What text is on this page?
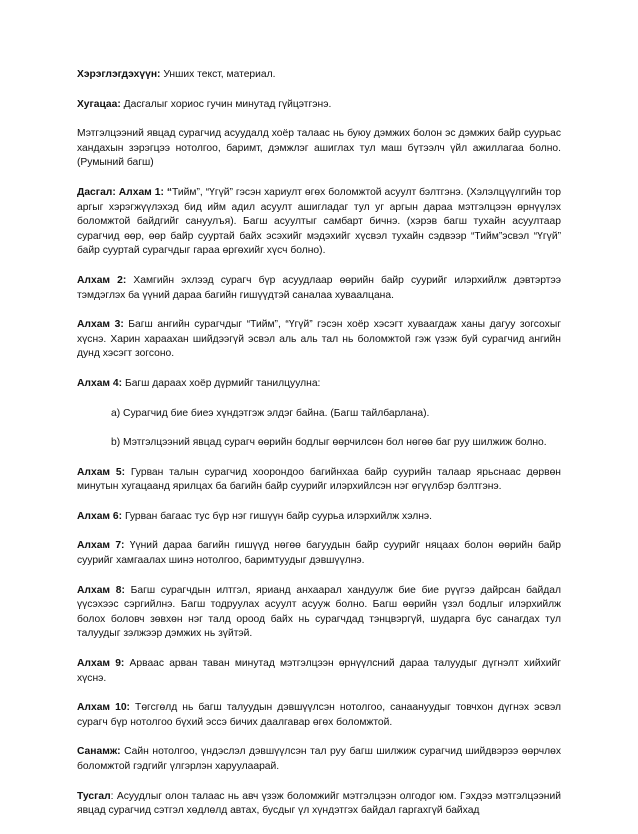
Хэрэглэгдэхүүн: Унших текст, материал.

Хугацаа: Дасгалыг хориос гучин минутад гүйцэтгэнэ.

Мэтгэлцээний явцад сурагчид асуудалд хоёр талаас нь буюу дэмжих болон эс дэмжих байр суурьас хандахын зэрэгцээ нотолгоо, баримт, дэмжлэг ашиглах тул маш бүтээлч үйл ажиллагаа болно. (Румыний багш)

Дасгал: Алхам 1: “Тийм”, “Үгүй” гэсэн хариулт өгөх боломжтой асуулт бэлтгэнэ. (Хэлэлцүүлгийн тор аргыг хэрэгжүүлэхэд бид ийм адил асуулт ашигладаг тул уг аргын дараа мэтгэлцээн өрнүүлэх боломжтой байдгийг сануулъя). Багш асуултыг самбарт бичнэ. (хэрэв багш тухайн асуултаар сурагчид өөр, өөр байр сууртай байх эсэхийг мэдэхийг хүсвэл тухайн сэдвээр “Тийм”эсвэл “Үгүй” байр сууртай сурагчдыг гараа өргөхийг хүсч болно).

Алхам 2: Хамгийн эхлээд сурагч бүр асуудлаар өөрийн байр суурийг илэрхийлж дэвтэртээ тэмдэглэх ба үүний дараа багийн гишүүдтэй саналаа хуваалцана.

Алхам 3: Багш ангийн сурагчдыг “Тийм”, “Үгүй” гэсэн хоёр хэсэгт хуваагдаж ханы дагуу зогсохыг хүснэ. Харин хараахан шийдээгүй эсвэл аль аль тал нь боломжтой гэж үзэж буй сурагчид ангийн дунд хэсэгт зогсоно.

Алхам 4: Багш дараах хоёр дүрмийг танилцуулна:

a) Сурагчид бие биеэ хүндэтгэж элдэг байна. (Багш тайлбарлана).

b) Мэтгэлцээний явцад сурагч өөрийн бодлыг өөрчилсөн бол нөгөө баг руу шилжиж болно.

Алхам 5: Гурван талын сурагчид хоорондоо багийнхаа байр суурийн талаар ярьснаас дөрвөн минутын хугацаанд ярилцах ба багийн байр суурийг илэрхийлсэн нэг өгүүлбэр бэлтгэнэ.

Алхам 6: Гурван багаас тус бүр нэг гишүүн байр суурьа илэрхийлж хэлнэ.

Алхам 7: Үүний дараа багийн гишүүд нөгөө багуудын байр суурийг няцаах болон өөрийн байр суурийг хамгаалах шинэ нотолгоо, баримтуудыг дэвшүүлнэ.

Алхам 8: Багш сурагчдын илтгэл, ярианд анхаарал хандуулж бие бие рүүгээ дайрсан байдал үүсэхээс сэргийлнэ. Багш тодруулах асуулт асууж болно. Багш өөрийн үзэл бодлыг илэрхийлж болох боловч зөвхөн нэг талд ороод байх нь сурагчдад тэнцвэргүй, шударга бус санагдах тул талуудыг зэлжээр дэмжих нь зүйтэй.

Алхам 9: Арваас арван таван минутад мэтгэлцээн өрнүүлсний дараа талуудыг дүгнэлт хийхийг хүснэ.

Алхам 10: Төгсгөлд нь багш талуудын дэвшүүлсэн нотолгоо, санаануудыг товчхон дүгнэх эсвэл сурагч бүр нотолгоо бүхий эссэ бичих даалгавар өгөх боломжтой.

Санамж: Сайн нотолгоо, үндэслэл дэвшүүлсэн тал руу багш шилжиж сурагчид шийдвэрээ өөрчлөх боломжтой гэдгийг үлгэрлэн харуулаарай.

Тусгал: Асуудлыг олон талаас нь авч үзэж боломжийг мэтгэлцээн олгодог юм. Гэхдээ мэтгэлцээний явцад сурагчид сэтгэл хөдлөлд автах, бусдыг үл хүндэтгэх байдал гаргахгүй байхад
